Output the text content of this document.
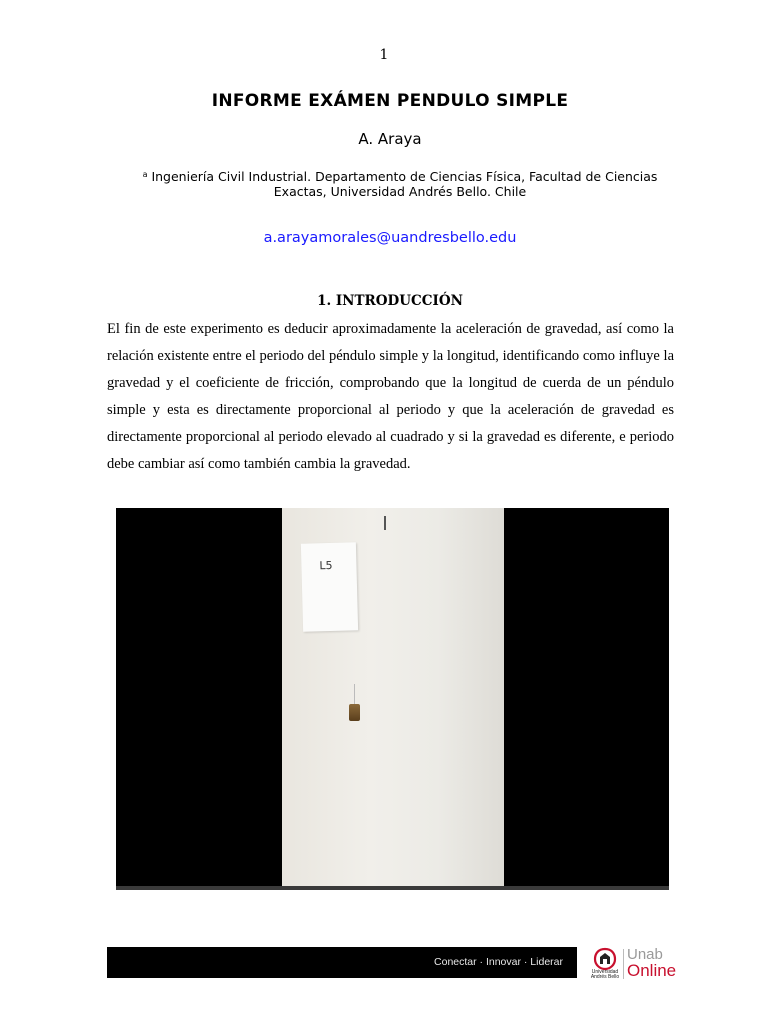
1
INFORME EXÁMEN PENDULO SIMPLE
A. Araya
$^a$ Ingeniería Civil Industrial. Departamento de Ciencias Física, Facultad de Ciencias Exactas, Universidad Andrés Bello. Chile
a.arayamorales@uandresbello.edu
1. INTRODUCCIÓN

El fin de este experimento es deducir aproximadamente la aceleración de gravedad, así como la relación existente entre el periodo del péndulo simple y la longitud, identificando como influye la gravedad y el coeficiente de fricción, comprobando que la longitud de cuerda de un péndulo simple y esta es directamente proporcional al periodo y que la aceleración de gravedad es directamente proporcional al periodo elevado al cuadrado y si la gravedad es diferente, e periodo debe cambiar así como también cambia la gravedad.

L5
Conectar · Innovar · Liderar
Universidad Andrés Bello
Unab
Online
